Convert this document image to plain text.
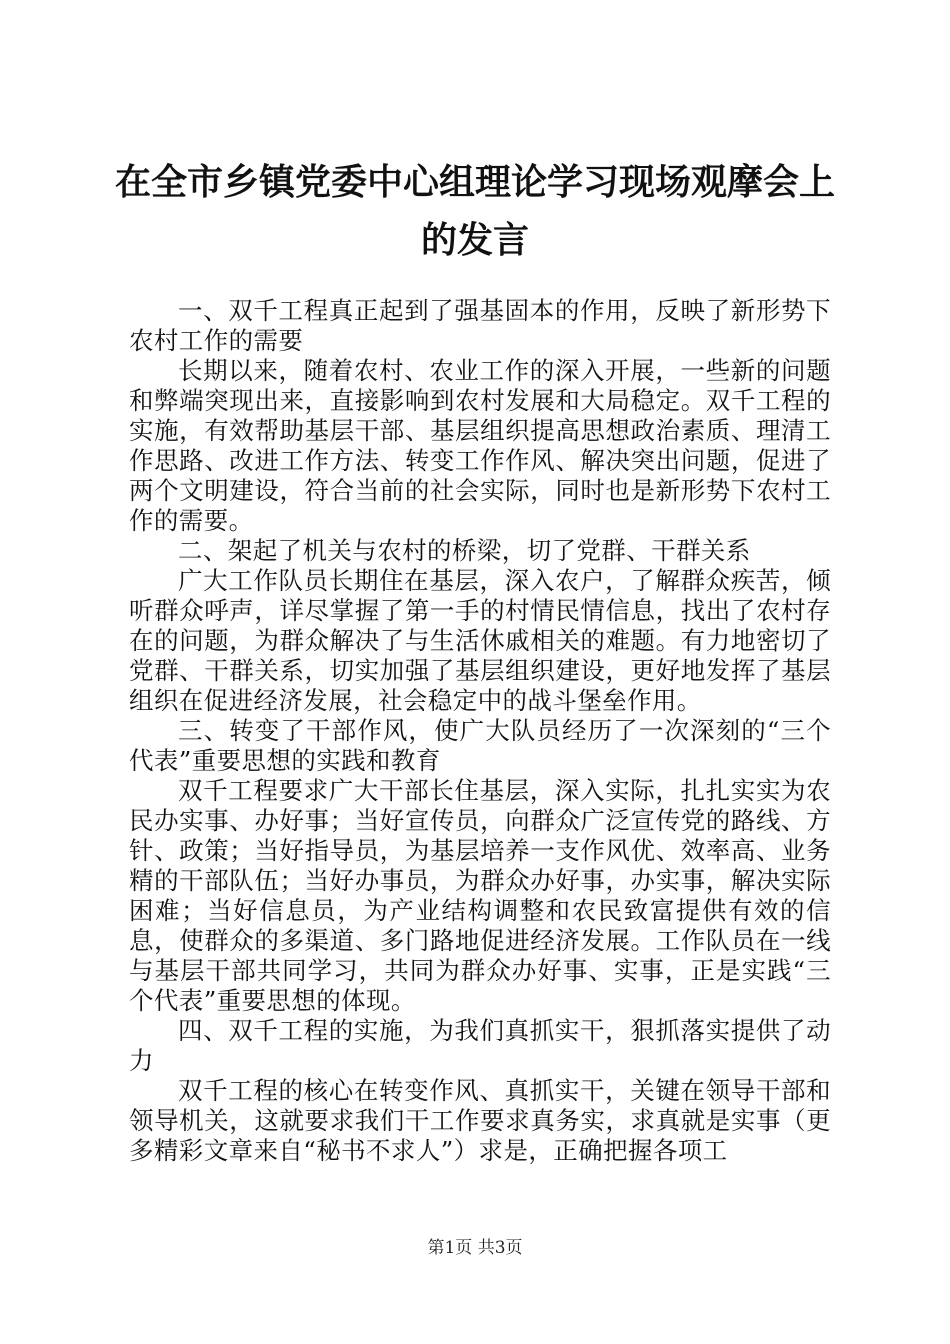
在全市乡镇党委中心组理论学习现场观摩会上
的发言

一、双千工程真正起到了强基固本的作用，反映了新形势下农村工作的需要

长期以来，随着农村、农业工作的深入开展，一些新的问题和弊端突现出来，直接影响到农村发展和大局稳定。双千工程的实施，有效帮助基层干部、基层组织提高思想政治素质、理清工作思路、改进工作方法、转变工作作风、解决突出问题，促进了两个文明建设，符合当前的社会实际，同时也是新形势下农村工作的需要。

二、架起了机关与农村的桥梁，切了党群、干群关系

广大工作队员长期住在基层，深入农户，了解群众疾苦，倾听群众呼声，详尽掌握了第一手的村情民情信息，找出了农村存在的问题，为群众解决了与生活休戚相关的难题。有力地密切了党群、干群关系，切实加强了基层组织建设，更好地发挥了基层组织在促进经济发展，社会稳定中的战斗堡垒作用。

三、转变了干部作风，使广大队员经历了一次深刻的“三个代表”重要思想的实践和教育

双千工程要求广大干部长住基层，深入实际，扎扎实实为农民办实事、办好事；当好宣传员，向群众广泛宣传党的路线、方针、政策；当好指导员，为基层培养一支作风优、效率高、业务精的干部队伍；当好办事员，为群众办好事，办实事，解决实际困难；当好信息员，为产业结构调整和农民致富提供有效的信息，使群众的多渠道、多门路地促进经济发展。工作队员在一线与基层干部共同学习，共同为群众办好事、实事，正是实践“三个代表”重要思想的体现。

四、双千工程的实施，为我们真抓实干，狠抓落实提供了动力

双千工程的核心在转变作风、真抓实干，关键在领导干部和领导机关，这就要求我们干工作要求真务实，求真就是实事（更多精彩文章来自“秘书不求人”）求是，正确把握各项工

第1页 共3页
